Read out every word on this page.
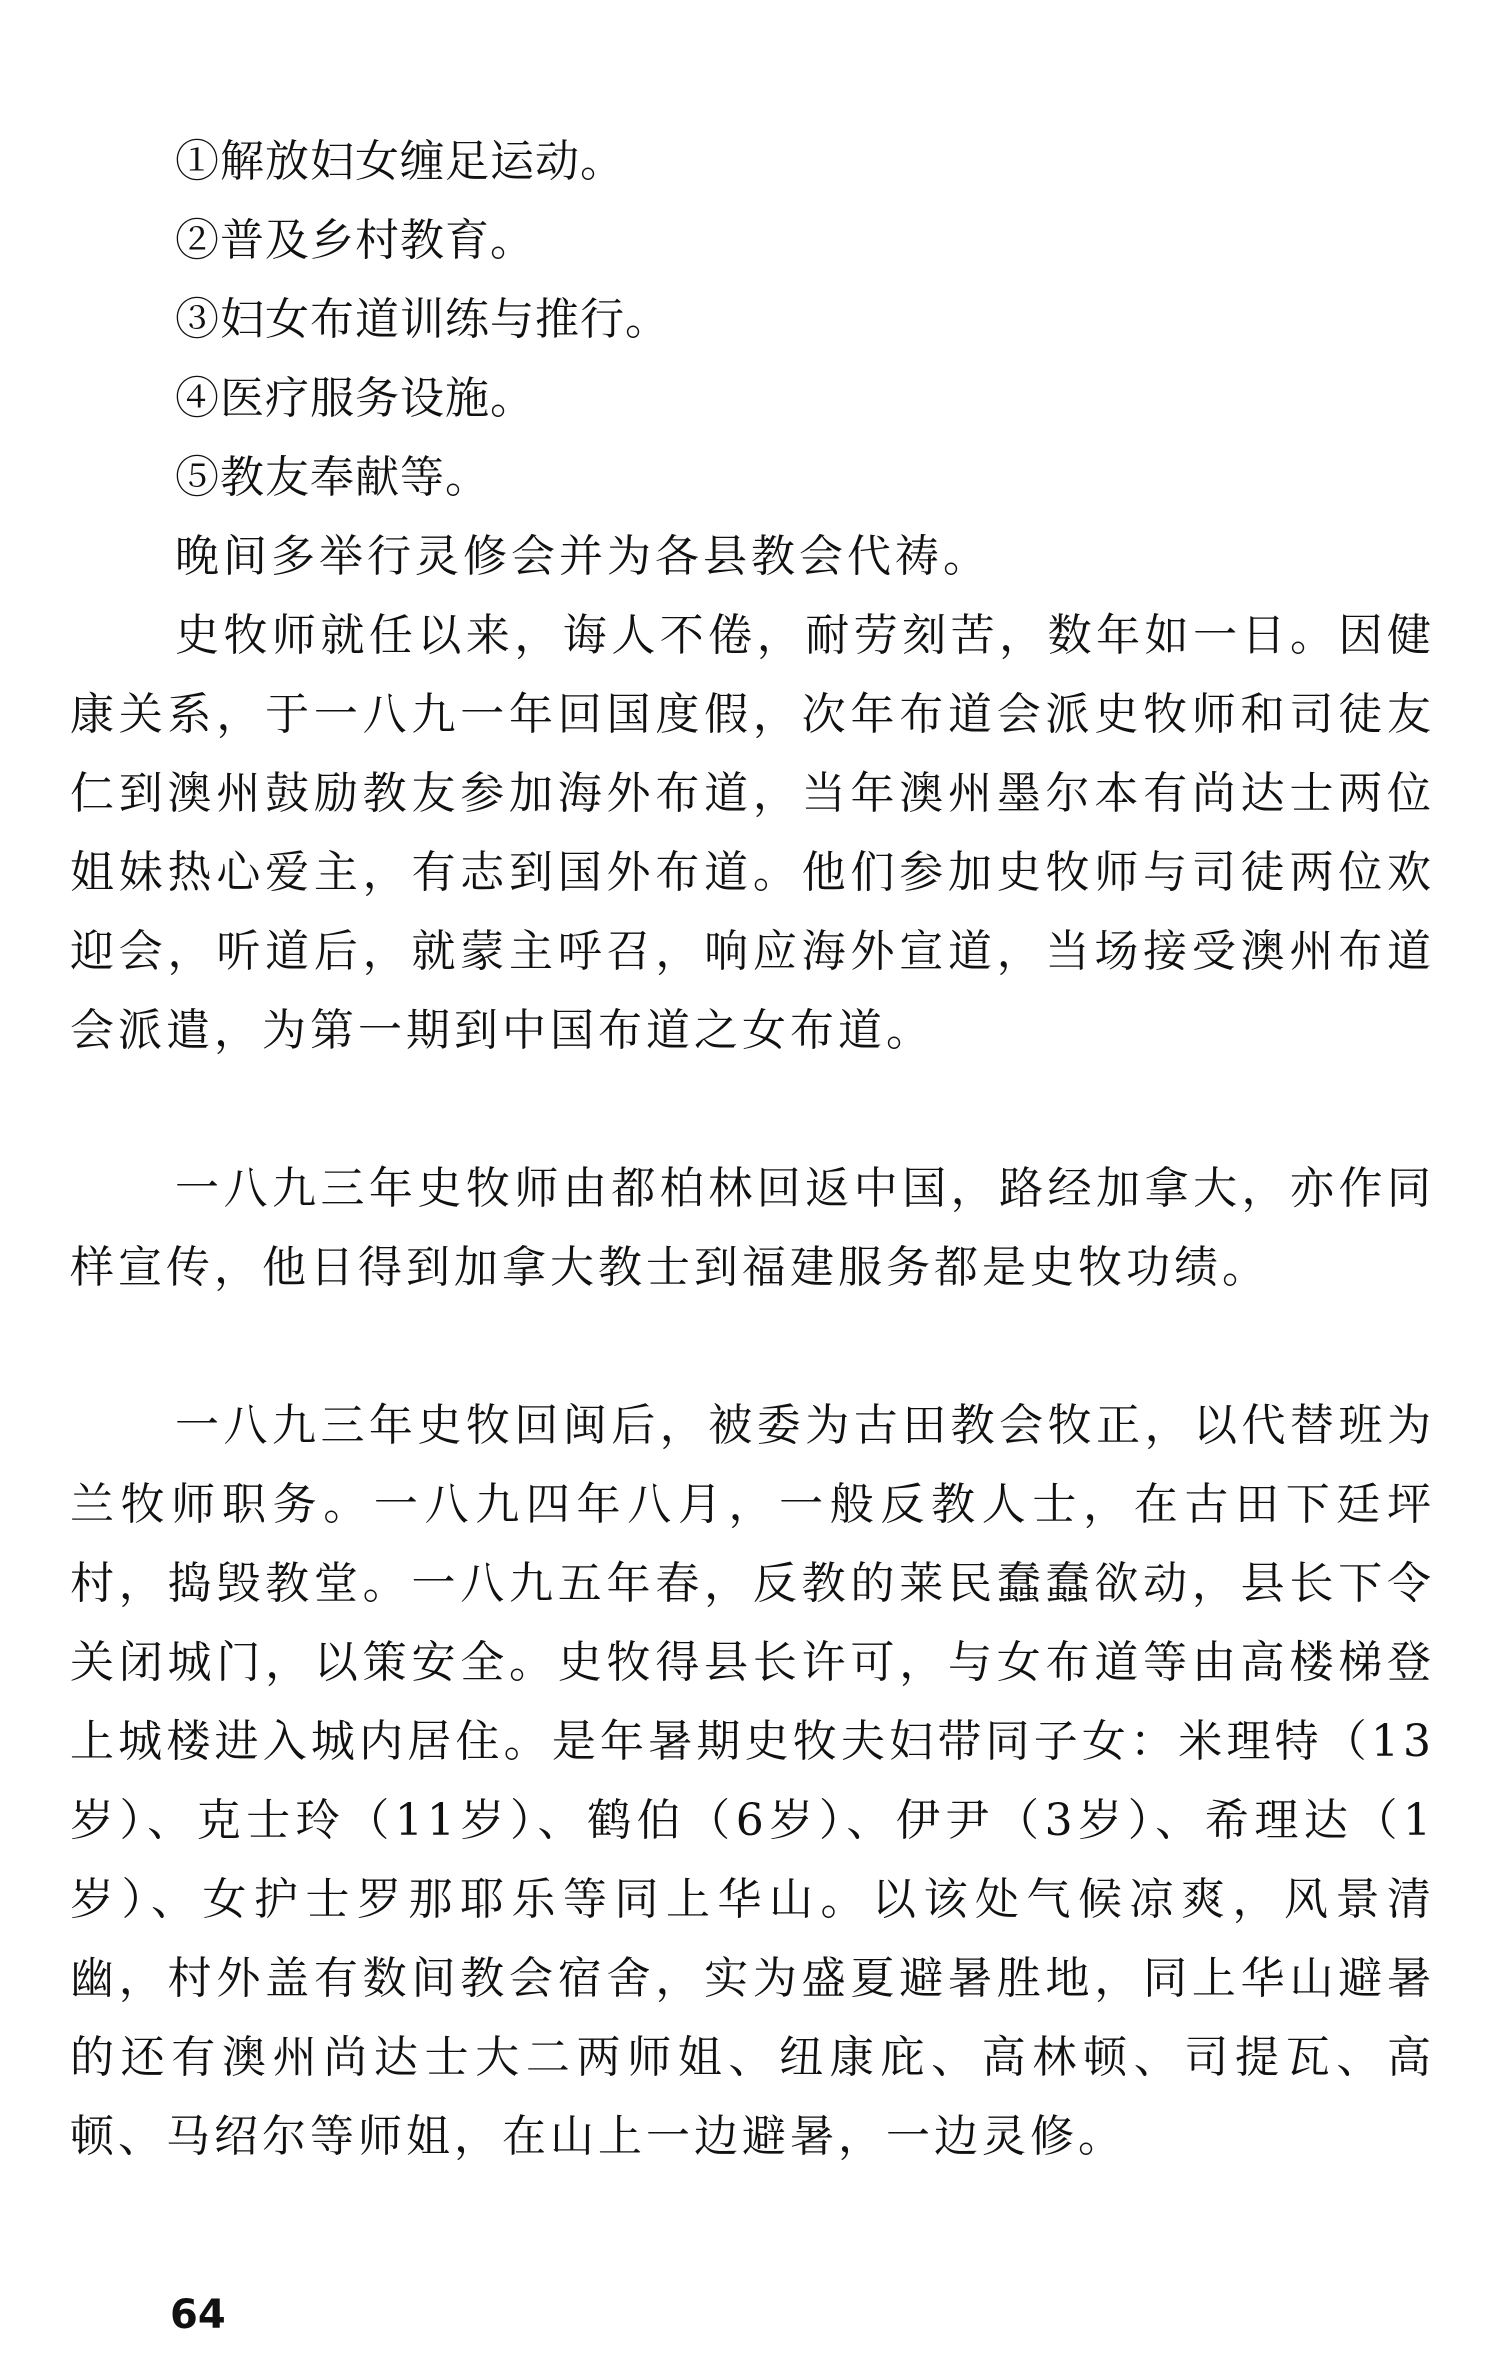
①解放妇女缠足运动。
②普及乡村教育。
③妇女布道训练与推行。
④医疗服务设施。
⑤教友奉献等。

晚间多举行灵修会并为各县教会代祷。

史牧师就任以来，诲人不倦，耐劳刻苦，数年如一日。因健康关系，于一八九一年回国度假，次年布道会派史牧师和司徒友仁到澳州鼓励教友参加海外布道，当年澳州墨尔本有尚达士两位姐妹热心爱主，有志到国外布道。他们参加史牧师与司徒两位欢迎会，听道后，就蒙主呼召，响应海外宣道，当场接受澳州布道会派遣，为第一期到中国布道之女布道。

一八九三年史牧师由都柏林回返中国，路经加拿大，亦作同样宣传，他日得到加拿大教士到福建服务都是史牧功绩。

一八九三年史牧回闽后，被委为古田教会牧正，以代替班为兰牧师职务。一八九四年八月，一般反教人士，在古田下廷坪村，捣毁教堂。一八九五年春，反教的莱民蠢蠢欲动，县长下令关闭城门，以策安全。史牧得县长许可，与女布道等由高楼梯登上城楼进入城内居住。是年暑期史牧夫妇带同子女：米理特（13岁）、克士玲（11岁）、鹤伯（6岁）、伊尹（3岁）、希理达（1岁）、女护士罗那耶乐等同上华山。以该处气候凉爽，风景清幽，村外盖有数间教会宿舍，实为盛夏避暑胜地，同上华山避暑的还有澳州尚达士大二两师姐、纽康庇、高林顿、司提瓦、高顿、马绍尔等师姐，在山上一边避暑，一边灵修。

64
